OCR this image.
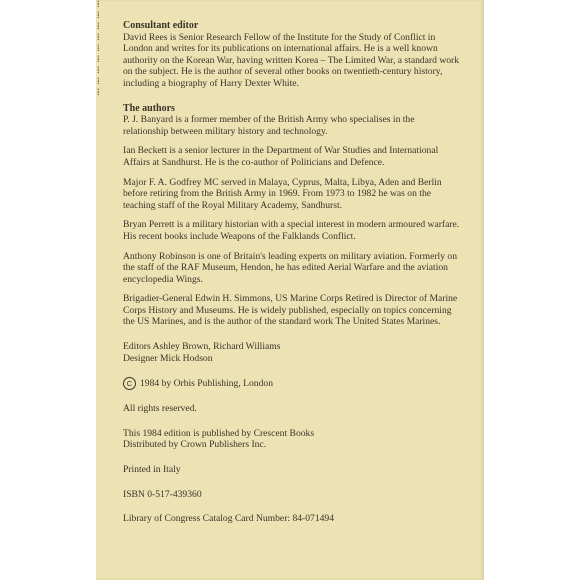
⁞
⁞
⁞
⁞
⁞
⁞
⁞
⁞
⁞

Consultant editor

David Rees is Senior Research Fellow of the Institute for the Study of Conflict in London and writes for its publications on international affairs. He is a well known authority on the Korean War, having written Korea – The Limited War, a standard work on the subject. He is the author of several other books on twentieth-century history, including a biography of Harry Dexter White.

The authors

P. J. Banyard is a former member of the British Army who specialises in the relationship between military history and technology.

Ian Beckett is a senior lecturer in the Department of War Studies and International Affairs at Sandhurst. He is the co-author of Politicians and Defence.

Major F. A. Godfrey MC served in Malaya, Cyprus, Malta, Libya, Aden and Berlin before retiring from the British Army in 1969. From 1973 to 1982 he was on the teaching staff of the Royal Military Academy, Sandhurst.

Bryan Perrett is a military historian with a special interest in modern armoured warfare. His recent books include Weapons of the Falklands Conflict.

Anthony Robinson is one of Britain's leading experts on military aviation. Formerly on the staff of the RAF Museum, Hendon, he has edited Aerial Warfare and the aviation encyclopedia Wings.

Brigadier-General Edwin H. Simmons, US Marine Corps Retired is Director of Marine Corps History and Museums. He is widely published, especially on topics concerning the US Marines, and is the author of the standard work The United States Marines.

Editors Ashley Brown, Richard Williams

Designer Mick Hodson

C 1984 by Orbis Publishing, London

All rights reserved.

This 1984 edition is published by Crescent Books

Distributed by Crown Publishers Inc.

Printed in Italy

ISBN 0-517-439360

Library of Congress Catalog Card Number: 84-071494
